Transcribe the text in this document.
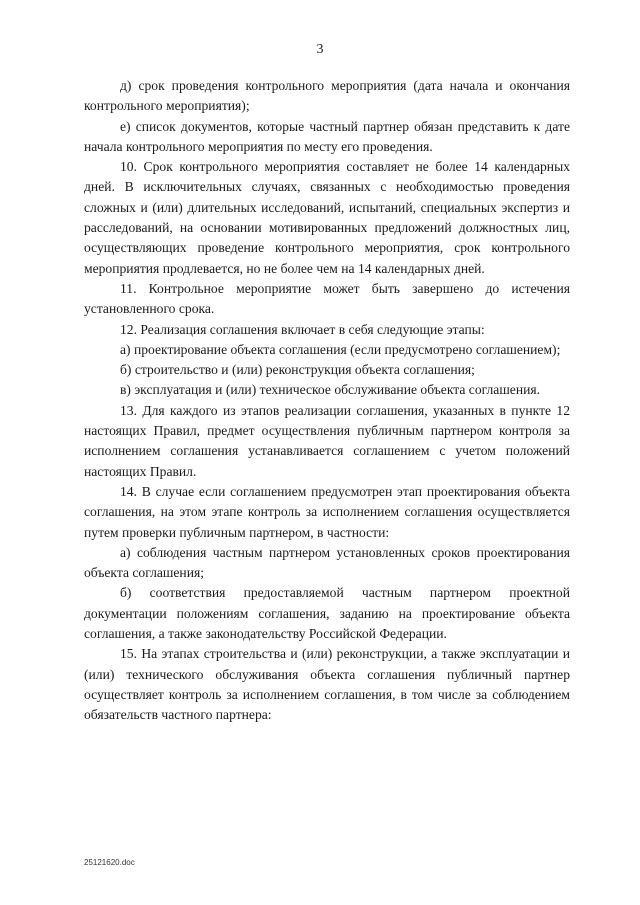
3

д) срок проведения контрольного мероприятия (дата начала и окончания контрольного мероприятия);

е) список документов, которые частный партнер обязан представить к дате начала контрольного мероприятия по месту его проведения.

10. Срок контрольного мероприятия составляет не более 14 календарных дней. В исключительных случаях, связанных с необходимостью проведения сложных и (или) длительных исследований, испытаний, специальных экспертиз и расследований, на основании мотивированных предложений должностных лиц, осуществляющих проведение контрольного мероприятия, срок контрольного мероприятия продлевается, но не более чем на 14 календарных дней.

11. Контрольное мероприятие может быть завершено до истечения установленного срока.

12. Реализация соглашения включает в себя следующие этапы:

а) проектирование объекта соглашения (если предусмотрено соглашением);

б) строительство и (или) реконструкция объекта соглашения;

в) эксплуатация и (или) техническое обслуживание объекта соглашения.

13. Для каждого из этапов реализации соглашения, указанных в пункте 12 настоящих Правил, предмет осуществления публичным партнером контроля за исполнением соглашения устанавливается соглашением с учетом положений настоящих Правил.

14. В случае если соглашением предусмотрен этап проектирования объекта соглашения, на этом этапе контроль за исполнением соглашения осуществляется путем проверки публичным партнером, в частности:

а) соблюдения частным партнером установленных сроков проектирования объекта соглашения;

б) соответствия предоставляемой частным партнером проектной документации положениям соглашения, заданию на проектирование объекта соглашения, а также законодательству Российской Федерации.

15. На этапах строительства и (или) реконструкции, а также эксплуатации и (или) технического обслуживания объекта соглашения публичный партнер осуществляет контроль за исполнением соглашения, в том числе за соблюдением обязательств частного партнера:

25121620.doc
